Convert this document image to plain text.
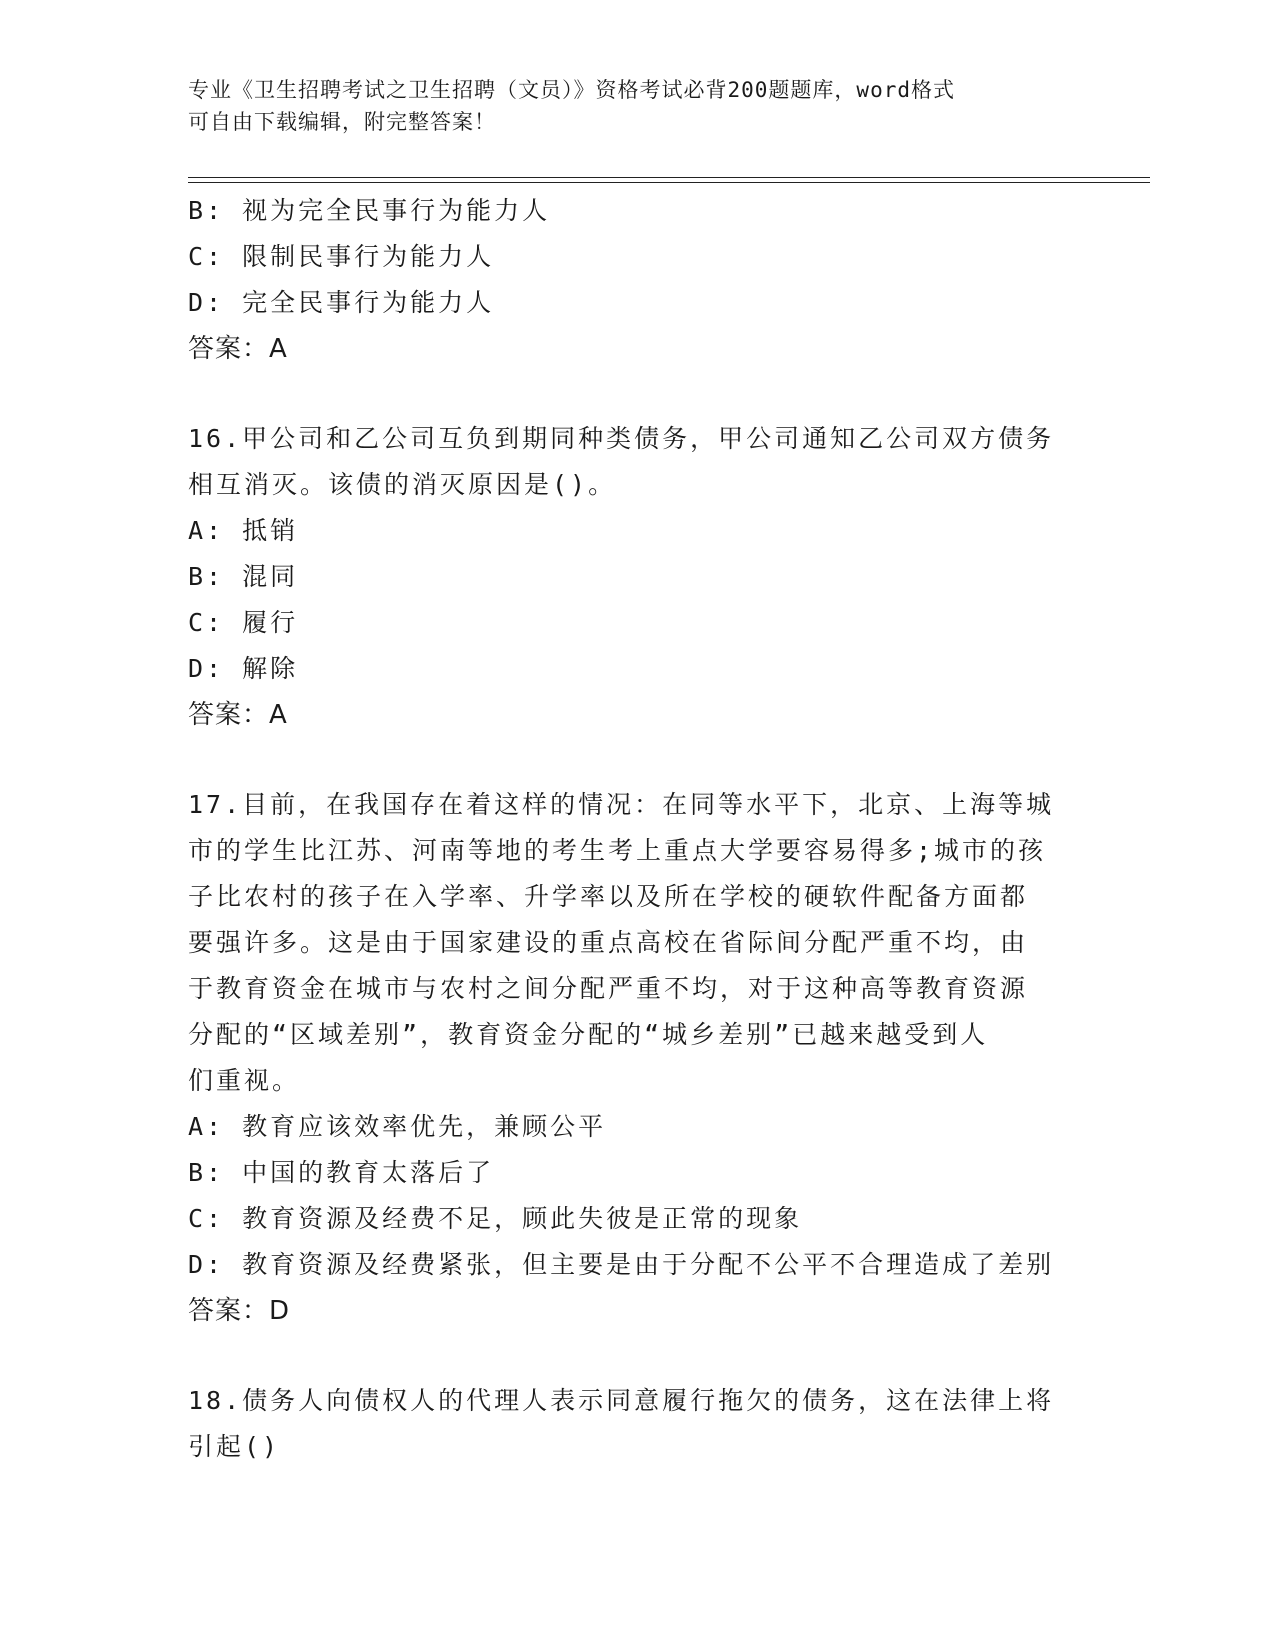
专业《卫生招聘考试之卫生招聘（文员）》资格考试必背200题题库，word格式
可自由下载编辑，附完整答案！
B: 视为完全民事行为能力人
C: 限制民事行为能力人
D: 完全民事行为能力人
答案：A
16.甲公司和乙公司互负到期同种类债务，甲公司通知乙公司双方债务
相互消灭。该债的消灭原因是()。
A: 抵销
B: 混同
C: 履行
D: 解除
答案：A
17.目前，在我国存在着这样的情况：在同等水平下，北京、上海等城
市的学生比江苏、河南等地的考生考上重点大学要容易得多;城市的孩
子比农村的孩子在入学率、升学率以及所在学校的硬软件配备方面都
要强许多。这是由于国家建设的重点高校在省际间分配严重不均，由
于教育资金在城市与农村之间分配严重不均，对于这种高等教育资源
分配的“区域差别”，教育资金分配的“城乡差别”已越来越受到人
们重视。
A: 教育应该效率优先，兼顾公平
B: 中国的教育太落后了
C: 教育资源及经费不足，顾此失彼是正常的现象
D: 教育资源及经费紧张，但主要是由于分配不公平不合理造成了差别
答案：D
18.债务人向债权人的代理人表示同意履行拖欠的债务，这在法律上将
引起()
